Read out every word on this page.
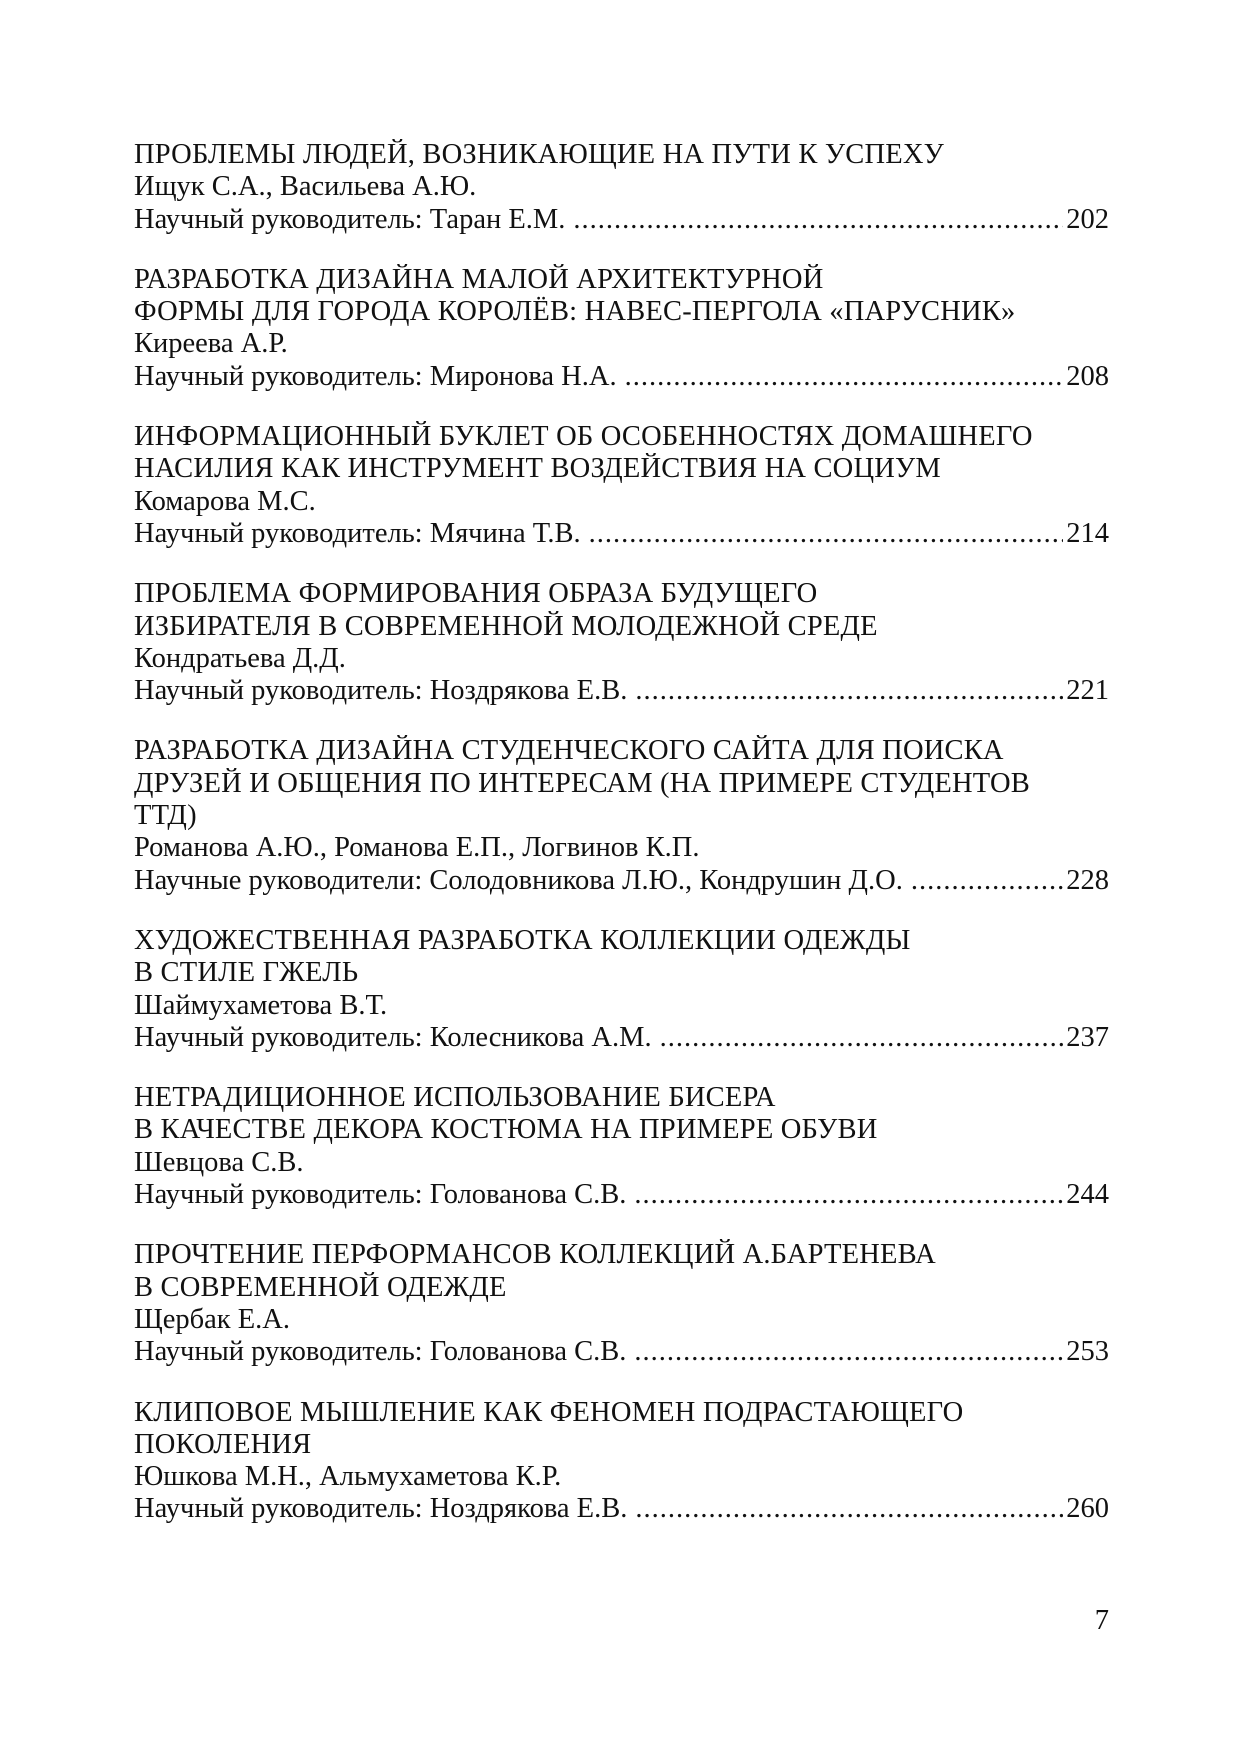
ПРОБЛЕМЫ ЛЮДЕЙ, ВОЗНИКАЮЩИЕ НА ПУТИ К УСПЕХУ
Ищук С.А., Васильева А.Ю.
Научный руководитель: Таран Е.М. .....	202
РАЗРАБОТКА ДИЗАЙНА МАЛОЙ АРХИТЕКТУРНОЙ
ФОРМЫ ДЛЯ ГОРОДА КОРОЛЁВ: НАВЕС-ПЕРГОЛА «ПАРУСНИК»
Киреева А.Р.
Научный руководитель: Миронова Н.А. .....	208
ИНФОРМАЦИОННЫЙ БУКЛЕТ ОБ ОСОБЕННОСТЯХ ДОМАШНЕГО
НАСИЛИЯ КАК ИНСТРУМЕНТ ВОЗДЕЙСТВИЯ НА СОЦИУМ
Комарова М.С.
Научный руководитель: Мячина Т.В. .....	214
ПРОБЛЕМА ФОРМИРОВАНИЯ ОБРАЗА БУДУЩЕГО
ИЗБИРАТЕЛЯ В СОВРЕМЕННОЙ МОЛОДЕЖНОЙ СРЕДЕ
Кондратьева Д.Д.
Научный руководитель: Ноздрякова Е.В. .....	221
РАЗРАБОТКА ДИЗАЙНА СТУДЕНЧЕСКОГО САЙТА ДЛЯ ПОИСКА
ДРУЗЕЙ И ОБЩЕНИЯ ПО ИНТЕРЕСАМ (НА ПРИМЕРЕ СТУДЕНТОВ
ТТД)
Романова А.Ю., Романова Е.П., Логвинов К.П.
Научные руководители: Солодовникова Л.Ю., Кондрушин Д.О. .....	228
ХУДОЖЕСТВЕННАЯ РАЗРАБОТКА КОЛЛЕКЦИИ ОДЕЖДЫ
В СТИЛЕ ГЖЕЛЬ
Шаймухаметова В.Т.
Научный руководитель: Колесникова А.М. .....	237
НЕТРАДИЦИОННОЕ ИСПОЛЬЗОВАНИЕ БИСЕРА
В КАЧЕСТВЕ ДЕКОРА КОСТЮМА НА ПРИМЕРЕ ОБУВИ
Шевцова С.В.
Научный руководитель: Голованова С.В. .....	244
ПРОЧТЕНИЕ ПЕРФОРМАНСОВ КОЛЛЕКЦИЙ А.БАРТЕНЕВА
В СОВРЕМЕННОЙ ОДЕЖДЕ
Щербак Е.А.
Научный руководитель: Голованова С.В. .....	253
КЛИПОВОЕ МЫШЛЕНИЕ КАК ФЕНОМЕН ПОДРАСТАЮЩЕГО
ПОКОЛЕНИЯ
Юшкова М.Н., Альмухаметова К.Р.
Научный руководитель: Ноздрякова Е.В. .....	260
7
